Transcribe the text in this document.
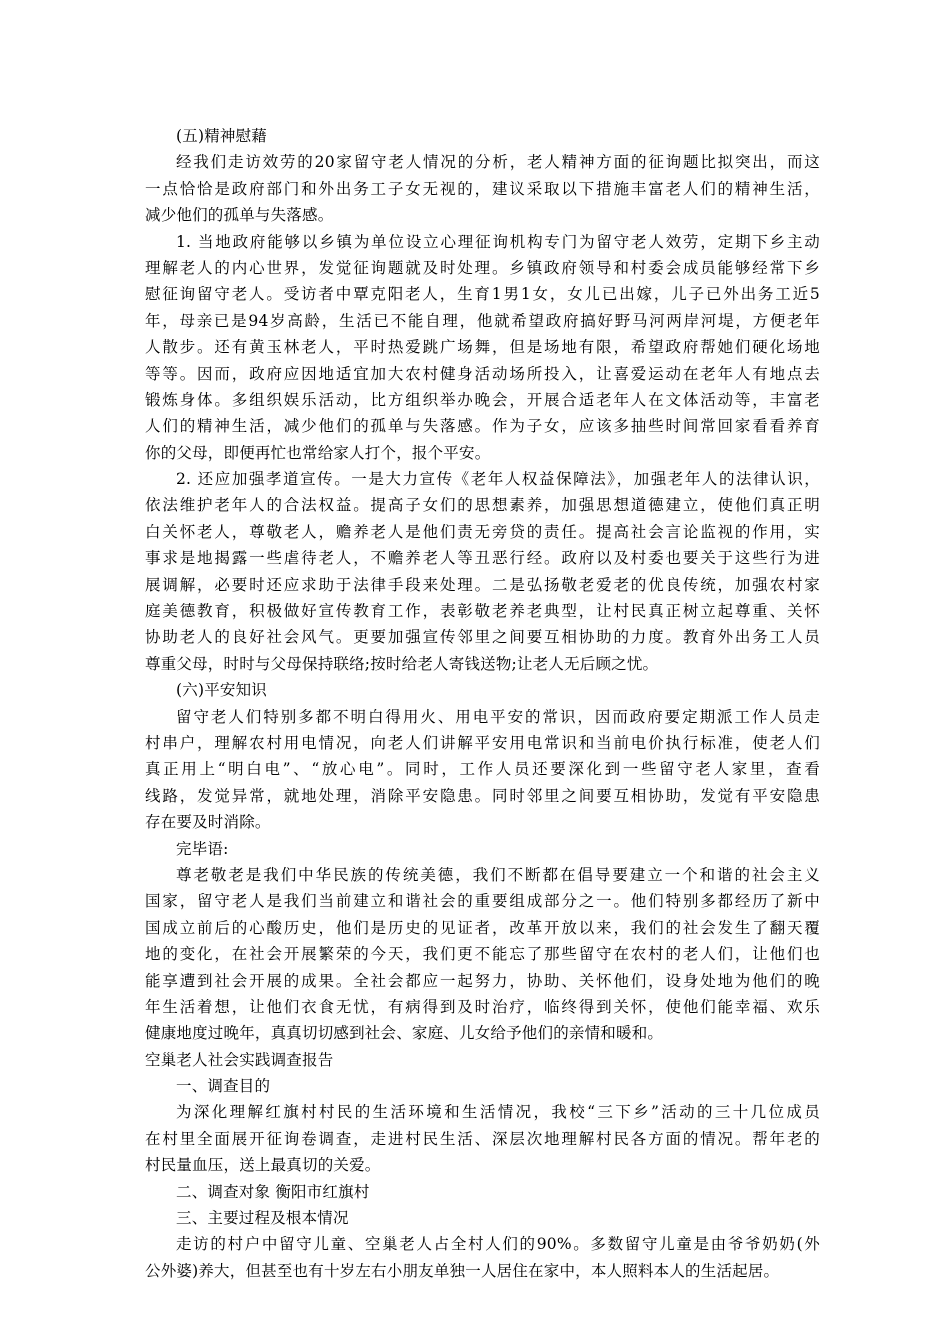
(五)精神慰藉
经我们走访效劳的20家留守老人情况的分析，老人精神方面的征询题比拟突出，而这
一点恰恰是政府部门和外出务工子女无视的，建议采取以下措施丰富老人们的精神生活，
减少他们的孤单与失落感。
1. 当地政府能够以乡镇为单位设立心理征询机构专门为留守老人效劳，定期下乡主动
理解老人的内心世界，发觉征询题就及时处理。乡镇政府领导和村委会成员能够经常下乡
慰征询留守老人。受访者中覃克阳老人，生育1男1女，女儿已出嫁，儿子已外出务工近5
年，母亲已是94岁高龄，生活已不能自理，他就希望政府搞好野马河两岸河堤，方便老年
人散步。还有黄玉林老人，平时热爱跳广场舞，但是场地有限，希望政府帮她们硬化场地
等等。因而，政府应因地适宜加大农村健身活动场所投入，让喜爱运动在老年人有地点去
锻炼身体。多组织娱乐活动，比方组织举办晚会，开展合适老年人在文体活动等，丰富老
人们的精神生活，减少他们的孤单与失落感。作为子女，应该多抽些时间常回家看看养育
你的父母，即便再忙也常给家人打个，报个平安。
2. 还应加强孝道宣传。一是大力宣传《老年人权益保障法》，加强老年人的法律认识，
依法维护老年人的合法权益。提高子女们的思想素养，加强思想道德建立，使他们真正明
白关怀老人，尊敬老人，赡养老人是他们责无旁贷的责任。提高社会言论监视的作用，实
事求是地揭露一些虐待老人，不赡养老人等丑恶行经。政府以及村委也要关于这些行为进
展调解，必要时还应求助于法律手段来处理。二是弘扬敬老爱老的优良传统，加强农村家
庭美德教育，积极做好宣传教育工作，表彰敬老养老典型，让村民真正树立起尊重、关怀
协助老人的良好社会风气。更要加强宣传邻里之间要互相协助的力度。教育外出务工人员
尊重父母，时时与父母保持联络;按时给老人寄钱送物;让老人无后顾之忧。
(六)平安知识
留守老人们特别多都不明白得用火、用电平安的常识，因而政府要定期派工作人员走
村串户，理解农村用电情况，向老人们讲解平安用电常识和当前电价执行标准，使老人们
真正用上“明白电”、“放心电”。同时，工作人员还要深化到一些留守老人家里，查看
线路，发觉异常，就地处理，消除平安隐患。同时邻里之间要互相协助，发觉有平安隐患
存在要及时消除。
完毕语:
尊老敬老是我们中华民族的传统美德，我们不断都在倡导要建立一个和谐的社会主义
国家，留守老人是我们当前建立和谐社会的重要组成部分之一。他们特别多都经历了新中
国成立前后的心酸历史，他们是历史的见证者，改革开放以来，我们的社会发生了翻天覆
地的变化，在社会开展繁荣的今天，我们更不能忘了那些留守在农村的老人们，让他们也
能享遭到社会开展的成果。全社会都应一起努力，协助、关怀他们，设身处地为他们的晚
年生活着想，让他们衣食无忧，有病得到及时治疗，临终得到关怀，使他们能幸福、欢乐
健康地度过晚年，真真切切感到社会、家庭、儿女给予他们的亲情和暖和。
空巢老人社会实践调查报告
一、调查目的
为深化理解红旗村村民的生活环境和生活情况，我校“三下乡”活动的三十几位成员
在村里全面展开征询卷调查，走进村民生活、深层次地理解村民各方面的情况。帮年老的
村民量血压，送上最真切的关爱。
二、调查对象 衡阳市红旗村
三、主要过程及根本情况
走访的村户中留守儿童、空巢老人占全村人们的90%。多数留守儿童是由爷爷奶奶(外
公外婆)养大，但甚至也有十岁左右小朋友单独一人居住在家中，本人照料本人的生活起居。
